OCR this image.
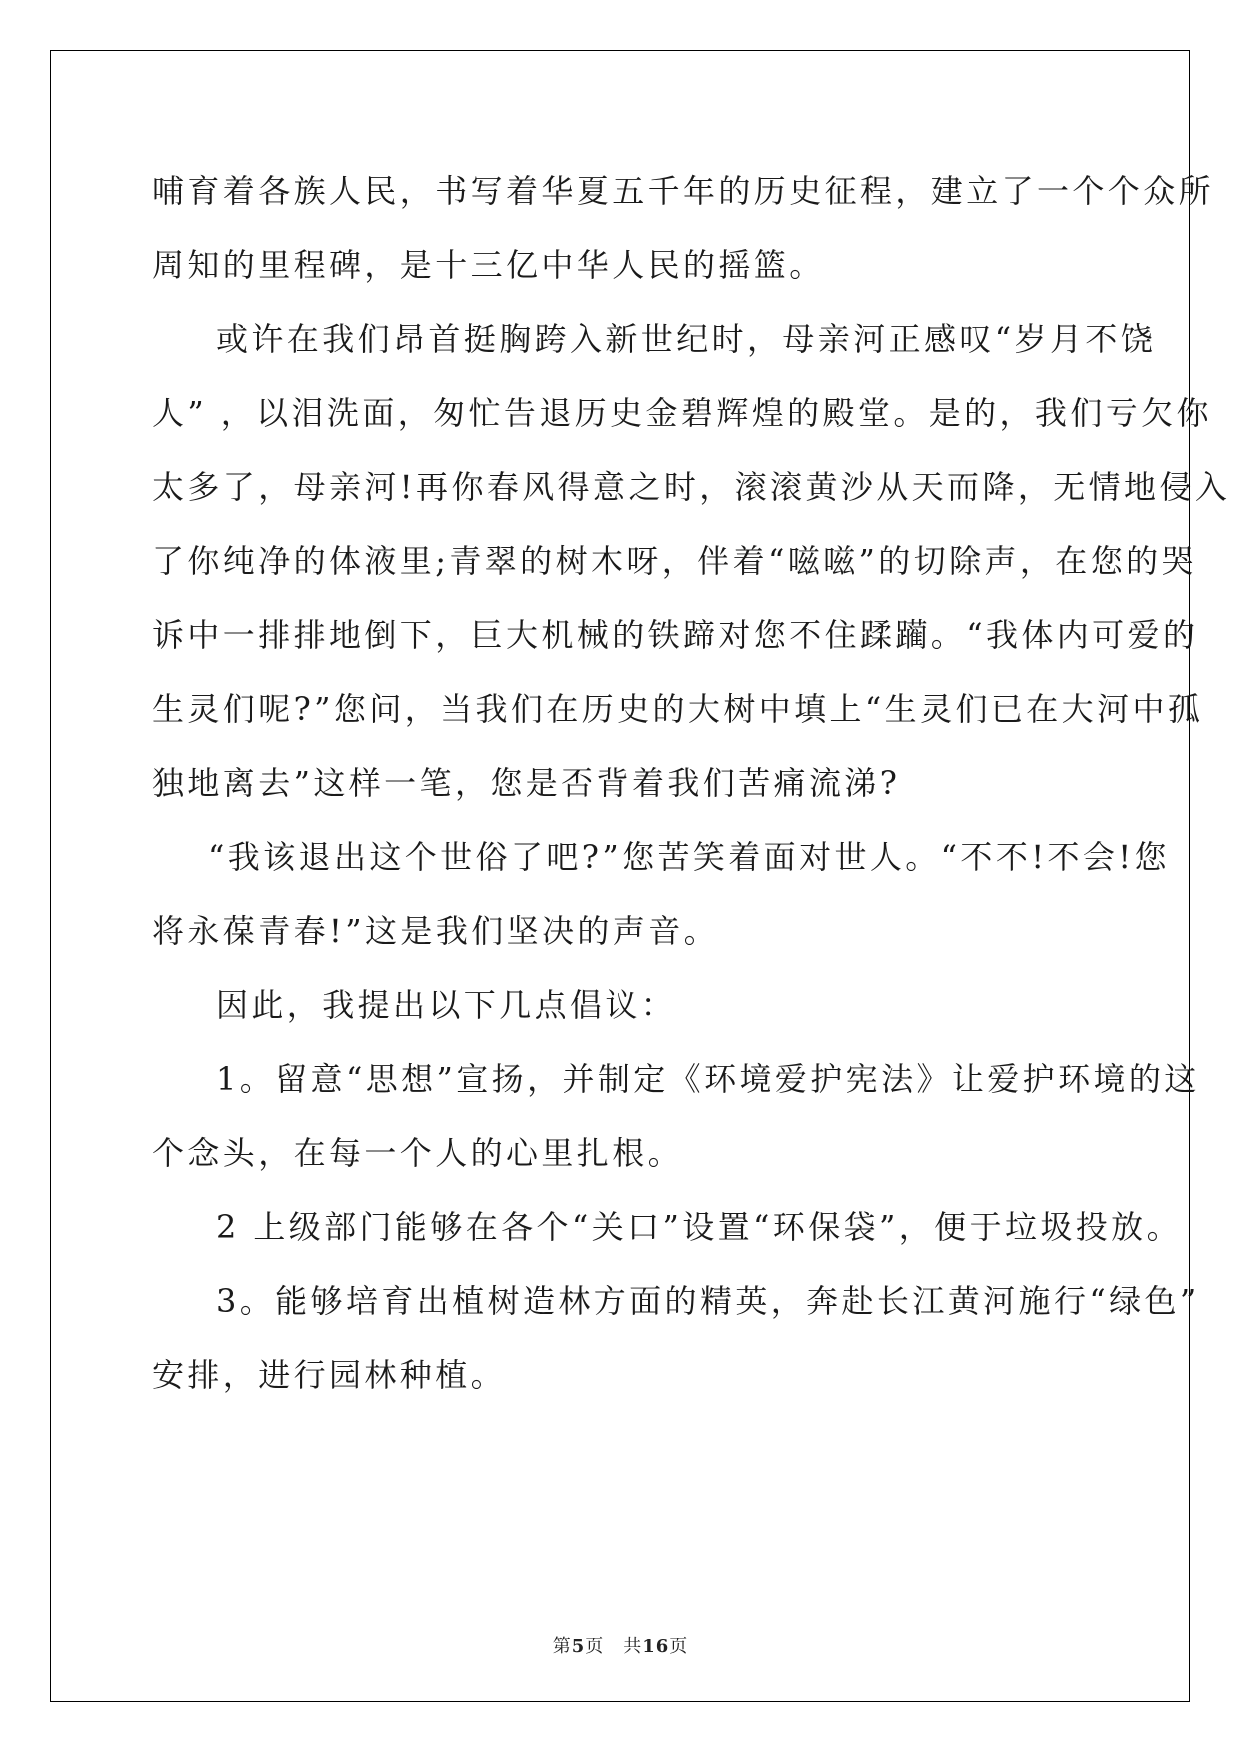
哺育着各族人民，书写着华夏五千年的历史征程，建立了一个个众所
周知的里程碑，是十三亿中华人民的摇篮。
或许在我们昂首挺胸跨入新世纪时，母亲河正感叹“岁月不饶
人” ，以泪洗面，匆忙告退历史金碧辉煌的殿堂。是的，我们亏欠你
太多了，母亲河!再你春风得意之时，滚滚黄沙从天而降，无情地侵入
了你纯净的体液里;青翠的树木呀，伴着“嗞嗞”的切除声，在您的哭
诉中一排排地倒下，巨大机械的铁蹄对您不住蹂躏。“我体内可爱的
生灵们呢?”您问，当我们在历史的大树中填上“生灵们已在大河中孤
独地离去”这样一笔，您是否背着我们苦痛流涕?
“我该退出这个世俗了吧?”您苦笑着面对世人。“不不!不会!您
将永葆青春!”这是我们坚决的声音。
因此，我提出以下几点倡议：
1。留意“思想”宣扬，并制定《环境爱护宪法》让爱护环境的这
个念头，在每一个人的心里扎根。
2 上级部门能够在各个“关口”设置“环保袋”，便于垃圾投放。
3。能够培育出植树造林方面的精英，奔赴长江黄河施行“绿色”
安排，进行园林种植。
第5页　共16页
